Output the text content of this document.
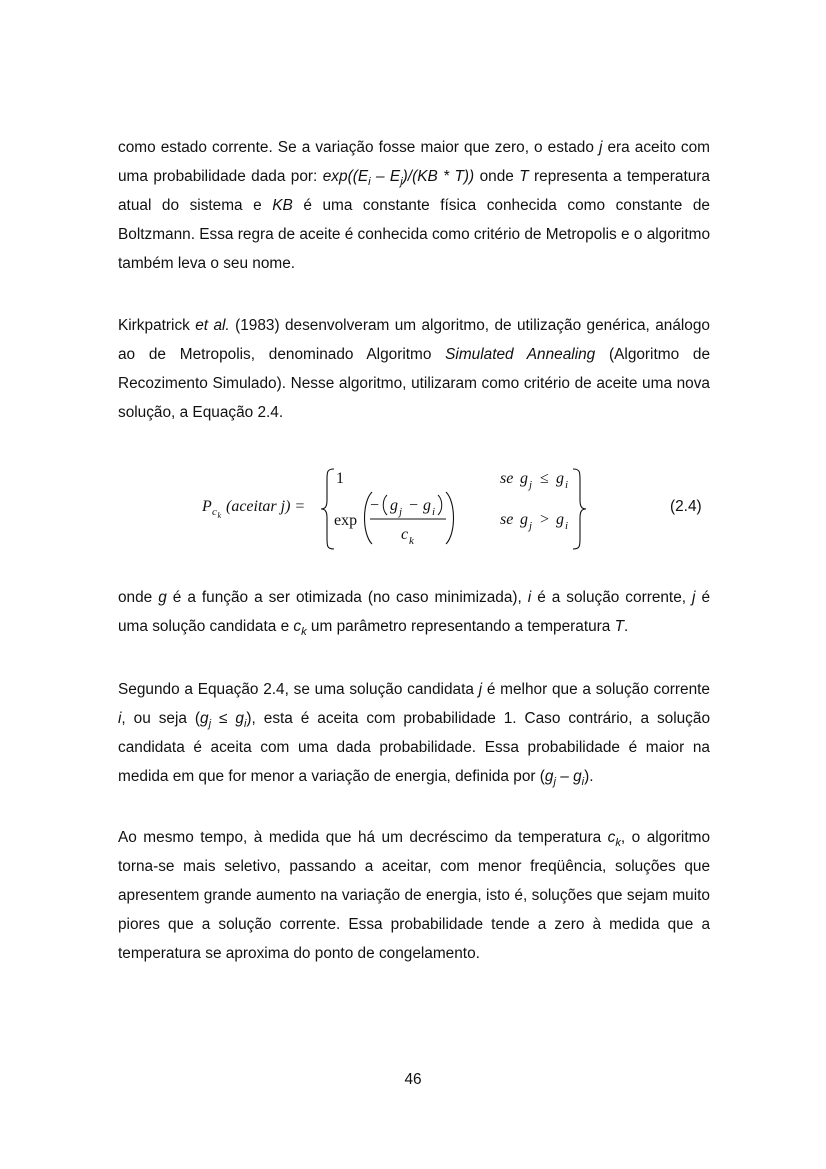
como estado corrente. Se a variação fosse maior que zero, o estado j era aceito com uma probabilidade dada por: $\exp((E_i - E_j)/(KB * T))$ onde T representa a temperatura atual do sistema e KB é uma constante física conhecida como constante de Boltzmann. Essa regra de aceite é conhecida como critério de Metropolis e o algoritmo também leva o seu nome.

Kirkpatrick et al. (1983) desenvolveram um algoritmo, de utilização genérica, análogo ao de Metropolis, denominado Algoritmo Simulated Annealing (Algoritmo de Recozimento Simulado). Nesse algoritmo, utilizaram como critério de aceite uma nova solução, a Equação 2.4.

P c k
(aceitar j) =
1	se g j ≤ g i
exp
− g j − g i
c k
se g j > g i
(2.4)

onde g é a função a ser otimizada (no caso minimizada), i é a solução corrente, j é uma solução candidata e $c_k$ um parâmetro representando a temperatura T.

Segundo a Equação 2.4, se uma solução candidata j é melhor que a solução corrente i, ou seja $(g_j \le g_i)$, esta é aceita com probabilidade 1. Caso contrário, a solução candidata é aceita com uma dada probabilidade. Essa probabilidade é maior na medida em que for menor a variação de energia, definida por $(g_j - g_i)$.

Ao mesmo tempo, à medida que há um decréscimo da temperatura $c_k$, o algoritmo torna-se mais seletivo, passando a aceitar, com menor freqüência, soluções que apresentem grande aumento na variação de energia, isto é, soluções que sejam muito piores que a solução corrente. Essa probabilidade tende a zero à medida que a temperatura se aproxima do ponto de congelamento.

46
